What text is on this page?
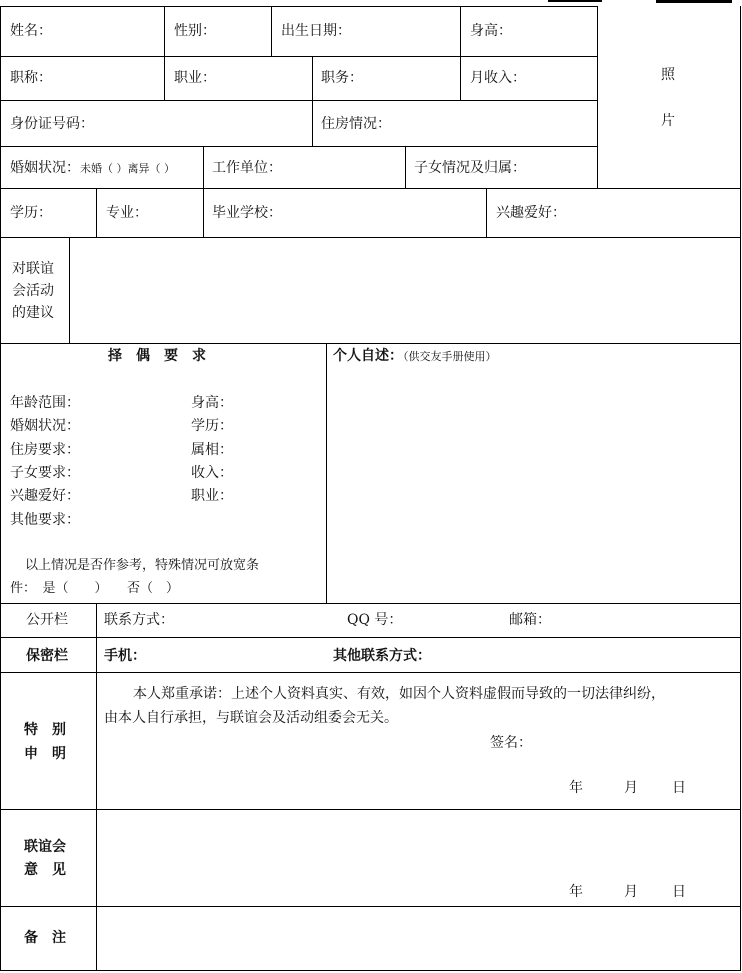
姓名：	性别：	出生日期：	身高：
照
片
职称：	职业：	职务：	月收入：
身份证号码：	住房情况：
婚姻状况：未婚（ ）离异（ ）	工作单位：	子女情况及归属：
学历：	专业：	毕业学校：	兴趣爱好：
对联谊
会活动
的建议
择　偶　要　求
年龄范围：	身高：
婚姻状况：	学历：
住房要求：	属相：
子女要求：	收入：
兴趣爱好：	职业：
其他要求：
以上情况是否作参考，特殊情况可放宽条
件：　是（　　）　　否（　）
个人自述：（供交友手册使用）
公开栏	联系方式：	QQ 号：	邮箱：
保密栏	手机：	其他联系方式：
特　别
申　明
本人郑重承诺：上述个人资料真实、有效，如因个人资料虚假而导致的一切法律纠纷，
由本人自行承担，与联谊会及活动组委会无关。
签名：
年	月 日
联谊会
意　见
年	月 日
备　注
